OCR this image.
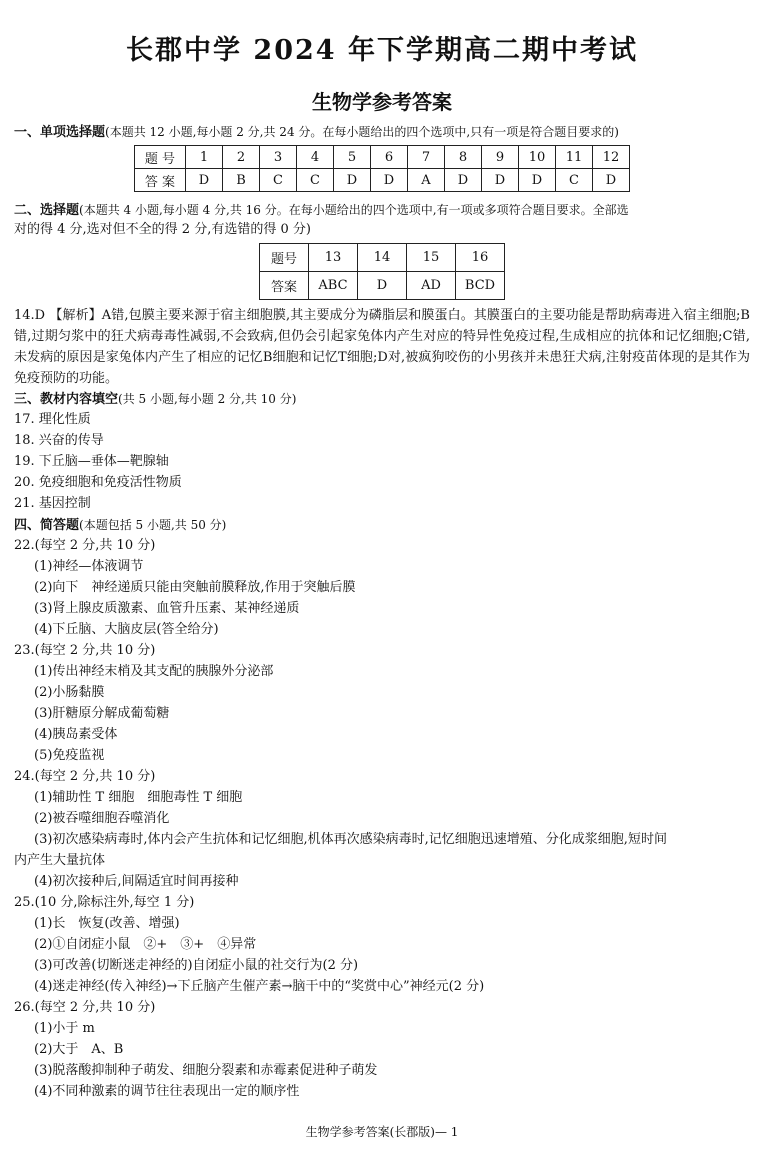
长郡中学 2024 年下学期高二期中考试
生物学参考答案
一、单项选择题(本题共 12 小题,每小题 2 分,共 24 分。在每小题给出的四个选项中,只有一项是符合题目要求的)
题 号	1	2	3	4	5	6	7	8	9	10	11	12
答 案	D	B	C	C	D	D	A	D	D	D	C	D
二、选择题(本题共 4 小题,每小题 4 分,共 16 分。在每小题给出的四个选项中,有一项或多项符合题目要求。全部选
对的得 4 分,选对但不全的得 2 分,有选错的得 0 分)
题号	13	14	15	16
答案	ABC	D	AD	BCD
14.D 【解析】A错,包膜主要来源于宿主细胞膜,其主要成分为磷脂层和膜蛋白。其膜蛋白的主要功能是帮助病毒进入宿主细胞;B错,过期匀浆中的狂犬病毒毒性减弱,不会致病,但仍会引起家兔体内产生对应的特异性免疫过程,生成相应的抗体和记忆细胞;C错,未发病的原因是家兔体内产生了相应的记忆B细胞和记忆T细胞;D对,被疯狗咬伤的小男孩并未患狂犬病,注射疫苗体现的是其作为免疫预防的功能。
三、教材内容填空(共 5 小题,每小题 2 分,共 10 分)
17. 理化性质
18. 兴奋的传导
19. 下丘脑—垂体—靶腺轴
20. 免疫细胞和免疫活性物质
21. 基因控制
四、简答题(本题包括 5 小题,共 50 分)
22.(每空 2 分,共 10 分)
(1)神经—体液调节
(2)向下　神经递质只能由突触前膜释放,作用于突触后膜
(3)肾上腺皮质激素、血管升压素、某神经递质
(4)下丘脑、大脑皮层(答全给分)
23.(每空 2 分,共 10 分)
(1)传出神经末梢及其支配的胰腺外分泌部
(2)小肠黏膜
(3)肝糖原分解成葡萄糖
(4)胰岛素受体
(5)免疫监视
24.(每空 2 分,共 10 分)
(1)辅助性 T 细胞　细胞毒性 T 细胞
(2)被吞噬细胞吞噬消化
(3)初次感染病毒时,体内会产生抗体和记忆细胞,机体再次感染病毒时,记忆细胞迅速增殖、分化成浆细胞,短时间
内产生大量抗体
(4)初次接种后,间隔适宜时间再接种
25.(10 分,除标注外,每空 1 分)
(1)长　恢复(改善、增强)
(2)①自闭症小鼠　②+　③+　④异常
(3)可改善(切断迷走神经的)自闭症小鼠的社交行为(2 分)
(4)迷走神经(传入神经)→下丘脑产生催产素→脑干中的“奖赏中心”神经元(2 分)
26.(每空 2 分,共 10 分)
(1)小于 m
(2)大于　A、B
(3)脱落酸抑制种子萌发、细胞分裂素和赤霉素促进种子萌发
(4)不同种激素的调节往往表现出一定的顺序性
生物学参考答案(长郡版)— 1
